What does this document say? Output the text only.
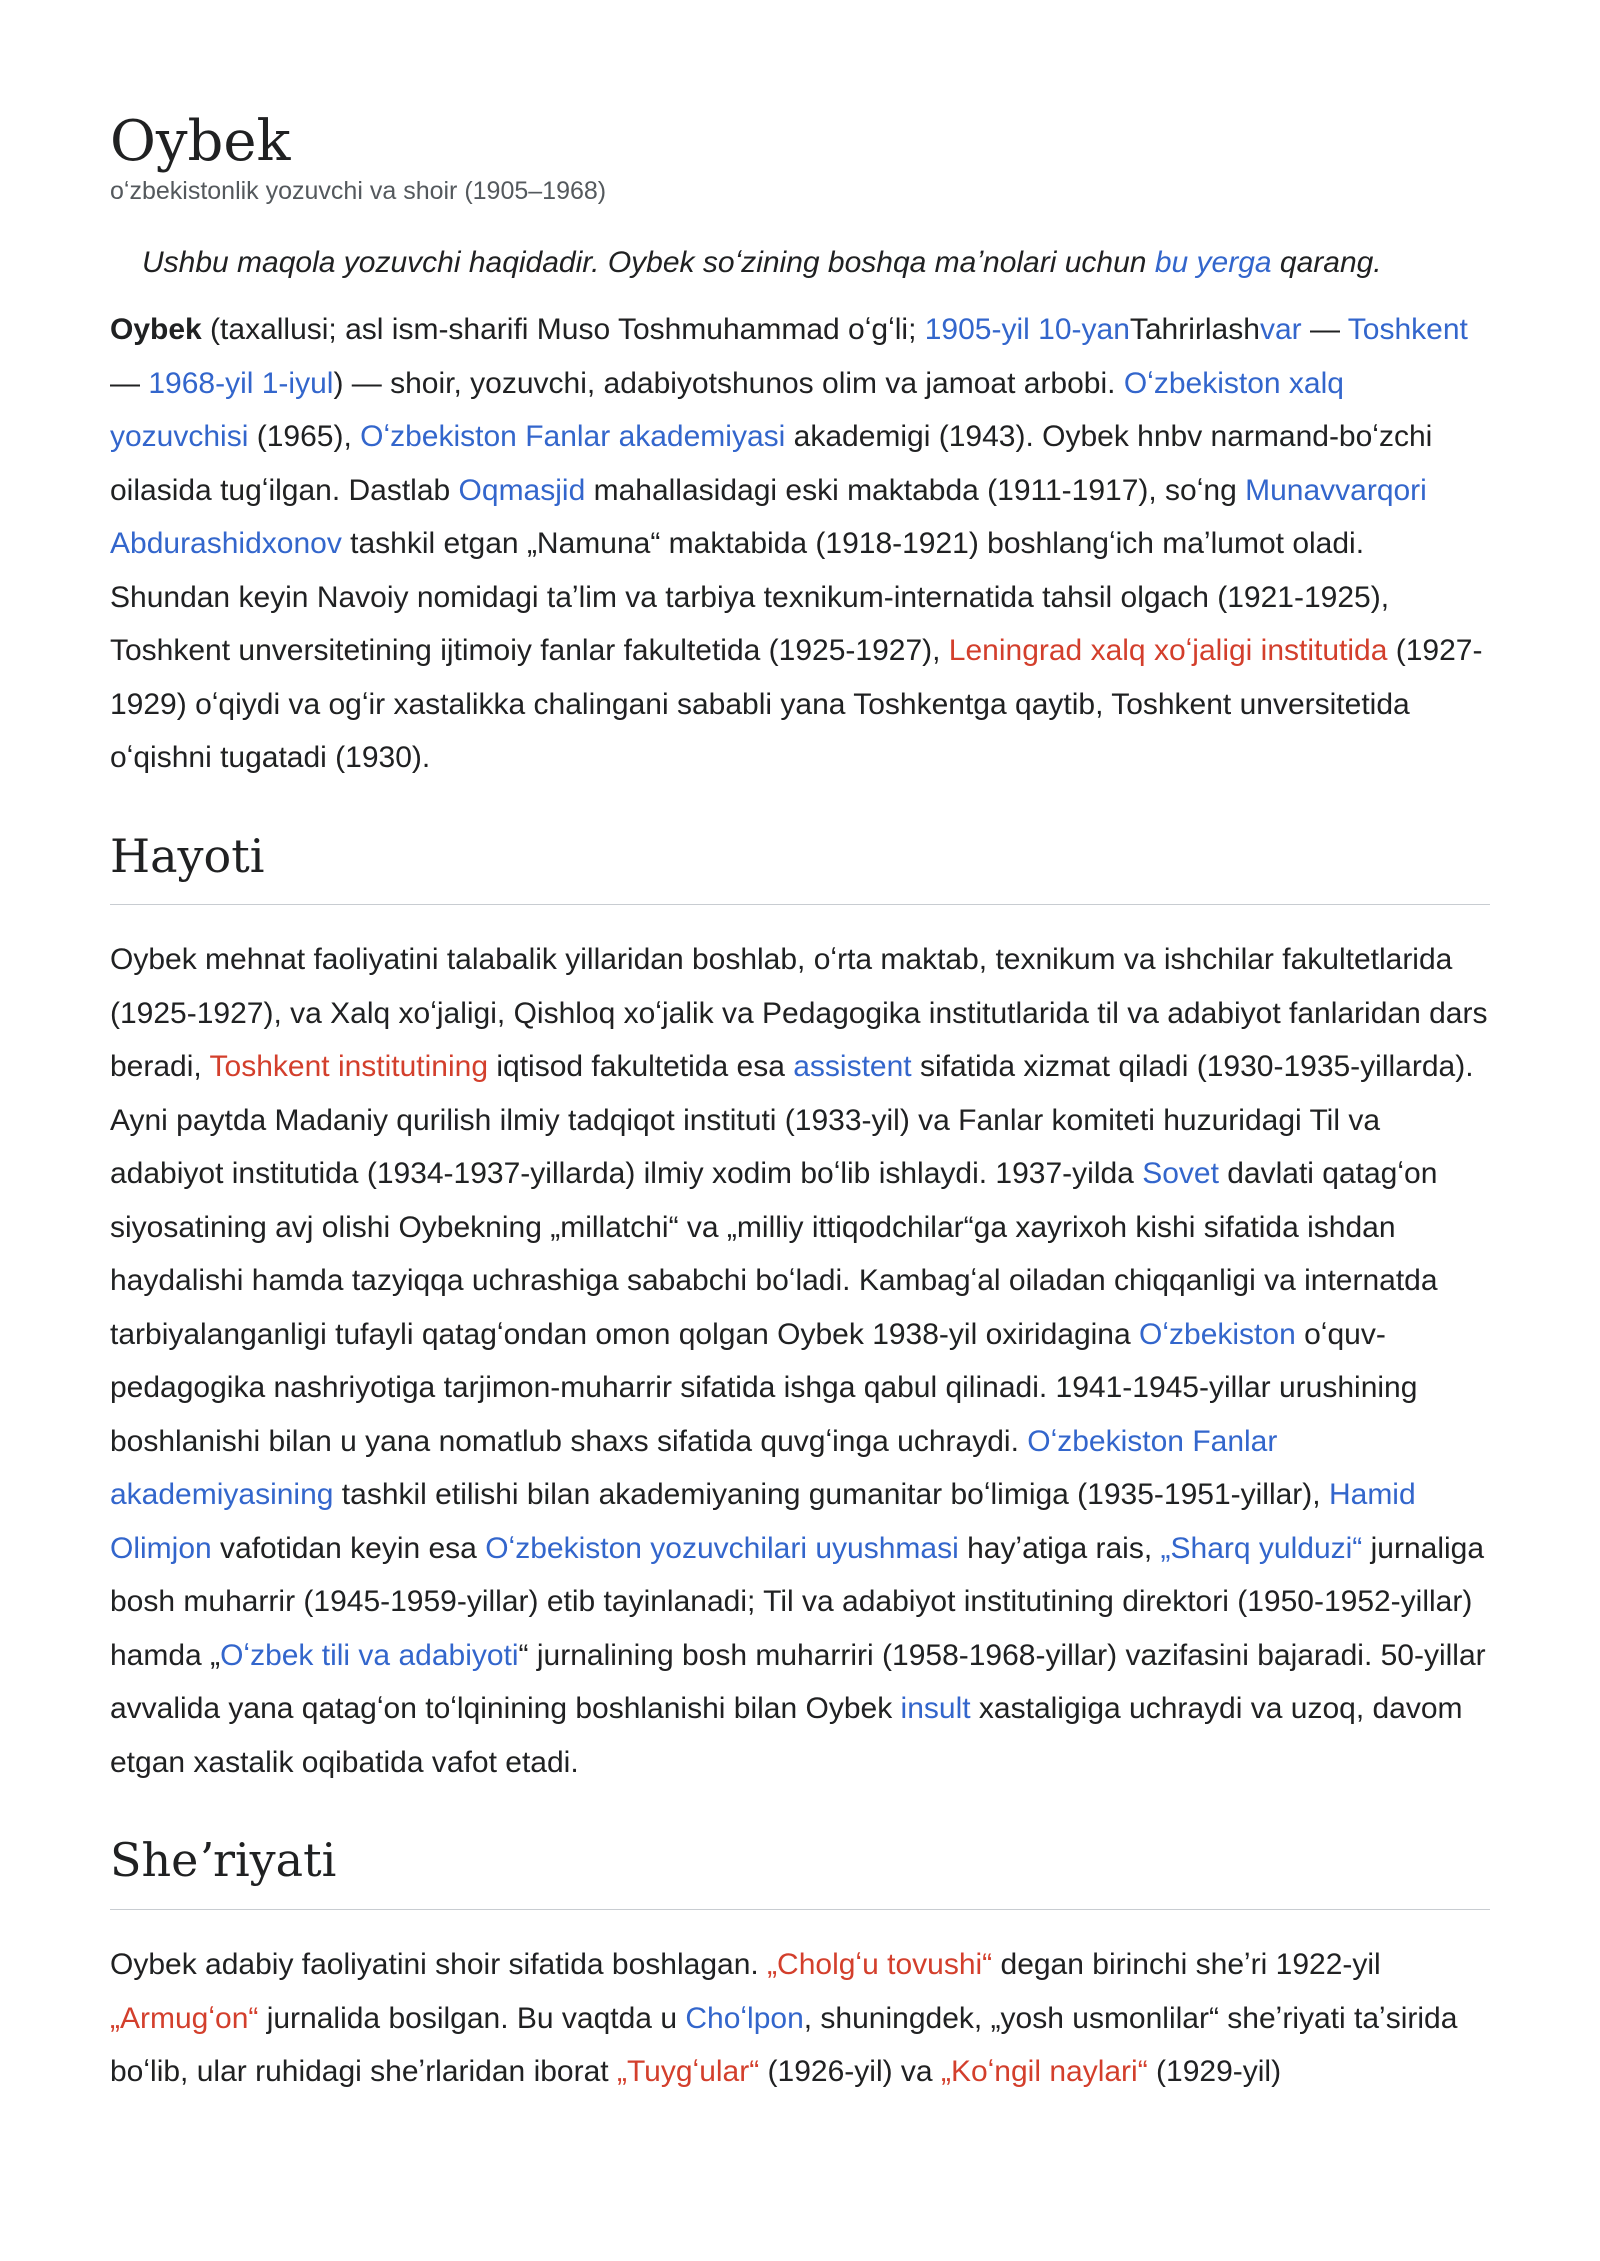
Oybek
oʻzbekistonlik yozuvchi va shoir (1905–1968)
Ushbu maqola yozuvchi haqidadir. Oybek soʻzining boshqa maʼnolari uchun bu yerga qarang.

Oybek (taxallusi; asl ism-sharifi Muso Toshmuhammad oʻgʻli; 1905-yil 10-yanTahrirlashvar — Toshkent — 1968-yil 1-iyul) — shoir, yozuvchi, adabiyotshunos olim va jamoat arbobi. Oʻzbekiston xalq yozuvchisi (1965), Oʻzbekiston Fanlar akademiyasi akademigi (1943). Oybek hnbv narmand-boʻzchi oilasida tugʻilgan. Dastlab Oqmasjid mahallasidagi eski maktabda (1911-1917), soʻng Munavvarqori Abdurashidxonov tashkil etgan „Namuna“ maktabida (1918-1921) boshlangʻich maʼlumot oladi. Shundan keyin Navoiy nomidagi taʼlim va tarbiya texnikum-internatida tahsil olgach (1921-1925), Toshkent unversitetining ijtimoiy fanlar fakultetida (1925-1927), Leningrad xalq xoʻjaligi institutida (1927-1929) oʻqiydi va ogʻir xastalikka chalingani sababli yana Toshkentga qaytib, Toshkent unversitetida oʻqishni tugatadi (1930).

Hayoti

Oybek mehnat faoliyatini talabalik yillaridan boshlab, oʻrta maktab, texnikum va ishchilar fakultetlarida (1925-1927), va Xalq xoʻjaligi, Qishloq xoʻjalik va Pedagogika institutlarida til va adabiyot fanlaridan dars beradi, Toshkent institutining iqtisod fakultetida esa assistent sifatida xizmat qiladi (1930-1935-yillarda). Ayni paytda Madaniy qurilish ilmiy tadqiqot instituti (1933-yil) va Fanlar komiteti huzuridagi Til va adabiyot institutida (1934-1937-yillarda) ilmiy xodim boʻlib ishlaydi. 1937-yilda Sovet davlati qatagʻon siyosatining avj olishi Oybekning „millatchi“ va „milliy ittiqodchilar“ga xayrixoh kishi sifatida ishdan haydalishi hamda tazyiqqa uchrashiga sababchi boʻladi. Kambagʻal oiladan chiqqanligi va internatda tarbiyalanganligi tufayli qatagʻondan omon qolgan Oybek 1938-yil oxiridagina Oʻzbekiston oʻquv-pedagogika nashriyotiga tarjimon-muharrir sifatida ishga qabul qilinadi. 1941-1945-yillar urushining boshlanishi bilan u yana nomatlub shaxs sifatida quvgʻinga uchraydi. Oʻzbekiston Fanlar akademiyasining tashkil etilishi bilan akademiyaning gumanitar boʻlimiga (1935-1951-yillar), Hamid Olimjon vafotidan keyin esa Oʻzbekiston yozuvchilari uyushmasi hayʼatiga rais, „Sharq yulduzi“ jurnaliga bosh muharrir (1945-1959-yillar) etib tayinlanadi; Til va adabiyot institutining direktori (1950-1952-yillar) hamda „Oʻzbek tili va adabiyoti“ jurnalining bosh muharriri (1958-1968-yillar) vazifasini bajaradi. 50-yillar avvalida yana qatagʻon toʻlqinining boshlanishi bilan Oybek insult xastaligiga uchraydi va uzoq, davom etgan xastalik oqibatida vafot etadi.

Sheʼriyati

Oybek adabiy faoliyatini shoir sifatida boshlagan. „Cholgʻu tovushi“ degan birinchi sheʼri 1922-yil „Armugʻon“ jurnalida bosilgan. Bu vaqtda u Choʻlpon, shuningdek, „yosh usmonlilar“ sheʼriyati taʼsirida boʻlib, ular ruhidagi sheʼrlaridan iborat „Tuygʻular“ (1926-yil) va „Koʻngil naylari“ (1929-yil)
